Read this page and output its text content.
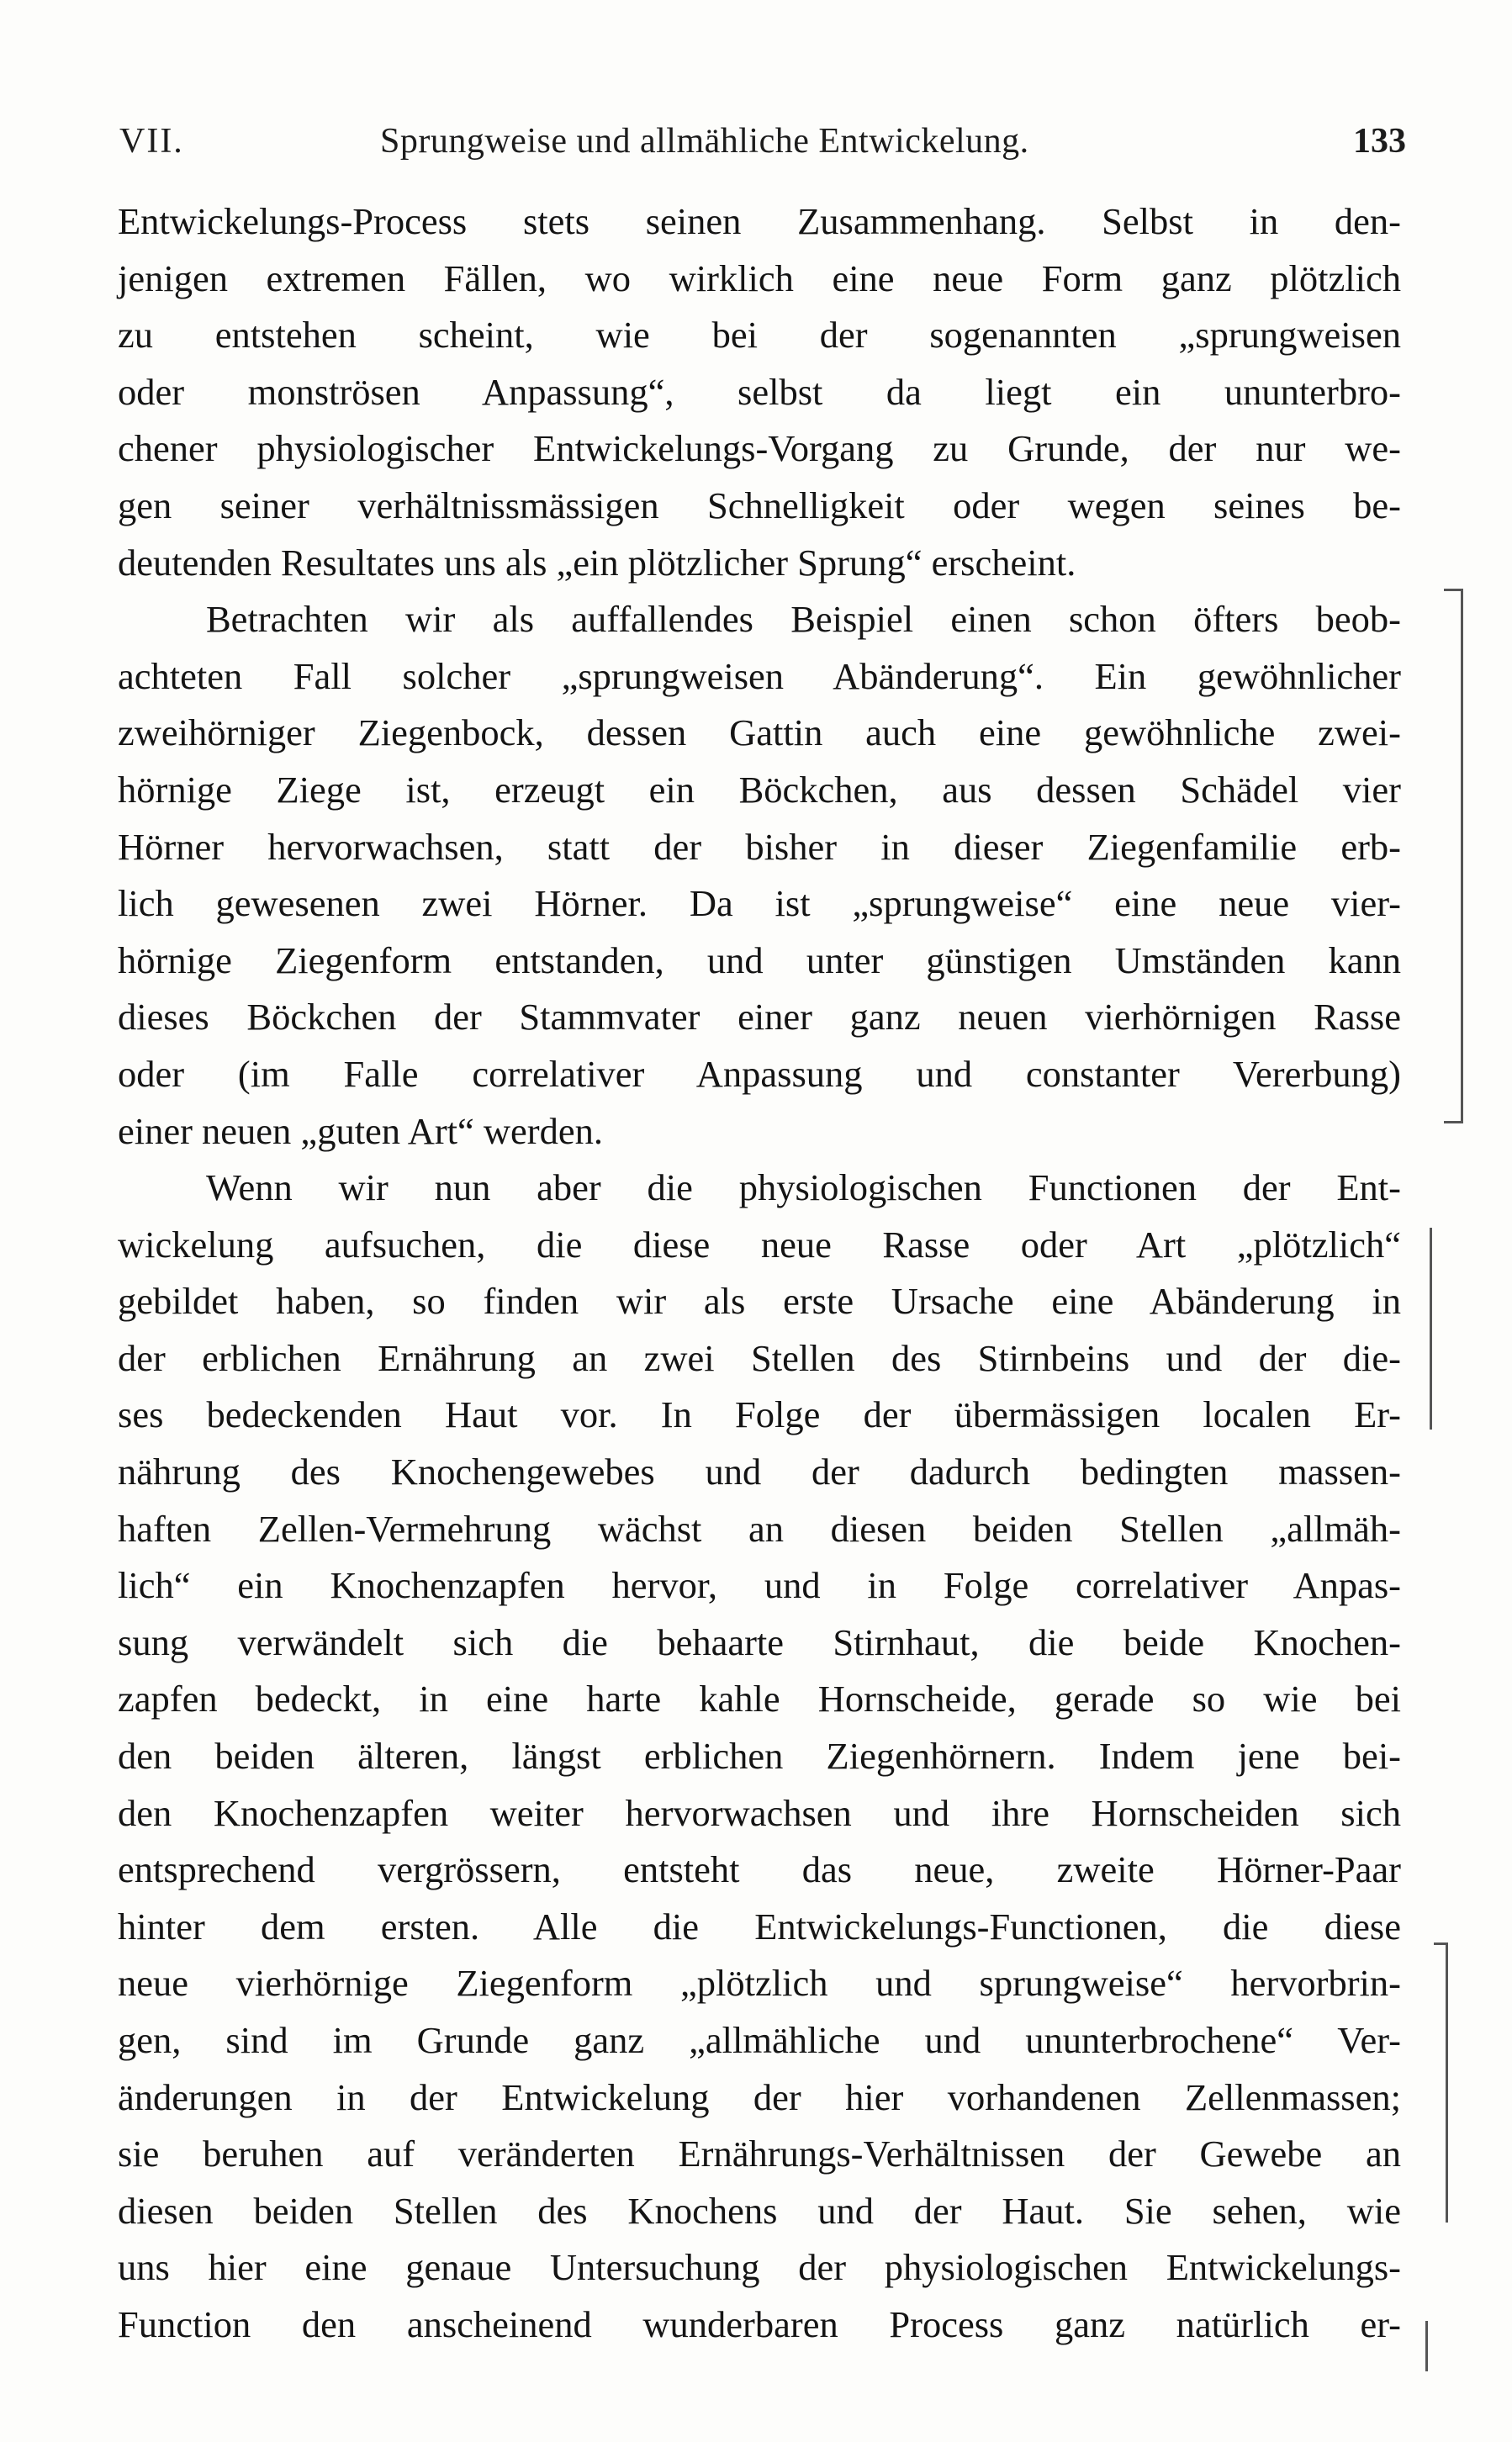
VII.	Sprungweise und allmähliche Entwickelung.	133
Entwickelungs-Process stets seinen Zusammenhang. Selbst in den-
jenigen extremen Fällen, wo wirklich eine neue Form ganz plötzlich
zu entstehen scheint, wie bei der sogenannten „sprungweisen
oder monströsen Anpassung“, selbst da liegt ein ununterbro-
chener physiologischer Entwickelungs-Vorgang zu Grunde, der nur we-
gen seiner verhältnissmässigen Schnelligkeit oder wegen seines be-
deutenden Resultates uns als „ein plötzlicher Sprung“ erscheint.
Betrachten wir als auffallendes Beispiel einen schon öfters beob-
achteten Fall solcher „sprungweisen Abänderung“. Ein gewöhnlicher
zweihörniger Ziegenbock, dessen Gattin auch eine gewöhnliche zwei-
hörnige Ziege ist, erzeugt ein Böckchen, aus dessen Schädel vier
Hörner hervorwachsen, statt der bisher in dieser Ziegenfamilie erb-
lich gewesenen zwei Hörner. Da ist „sprungweise“ eine neue vier-
hörnige Ziegenform entstanden, und unter günstigen Umständen kann
dieses Böckchen der Stammvater einer ganz neuen vierhörnigen Rasse
oder (im Falle correlativer Anpassung und constanter Vererbung)
einer neuen „guten Art“ werden.
Wenn wir nun aber die physiologischen Functionen der Ent-
wickelung aufsuchen, die diese neue Rasse oder Art „plötzlich“
gebildet haben, so finden wir als erste Ursache eine Abänderung in
der erblichen Ernährung an zwei Stellen des Stirnbeins und der die-
ses bedeckenden Haut vor. In Folge der übermässigen localen Er-
nährung des Knochengewebes und der dadurch bedingten massen-
haften Zellen-Vermehrung wächst an diesen beiden Stellen „allmäh-
lich“ ein Knochenzapfen hervor, und in Folge correlativer Anpas-
sung verwändelt sich die behaarte Stirnhaut, die beide Knochen-
zapfen bedeckt, in eine harte kahle Hornscheide, gerade so wie bei
den beiden älteren, längst erblichen Ziegenhörnern. Indem jene bei-
den Knochenzapfen weiter hervorwachsen und ihre Hornscheiden sich
entsprechend vergrössern, entsteht das neue, zweite Hörner-Paar
hinter dem ersten. Alle die Entwickelungs-Functionen, die diese
neue vierhörnige Ziegenform „plötzlich und sprungweise“ hervorbrin-
gen, sind im Grunde ganz „allmähliche und ununterbrochene“ Ver-
änderungen in der Entwickelung der hier vorhandenen Zellenmassen;
sie beruhen auf veränderten Ernährungs-Verhältnissen der Gewebe an
diesen beiden Stellen des Knochens und der Haut. Sie sehen, wie
uns hier eine genaue Untersuchung der physiologischen Entwickelungs-
Function den anscheinend wunderbaren Process ganz natürlich er-
